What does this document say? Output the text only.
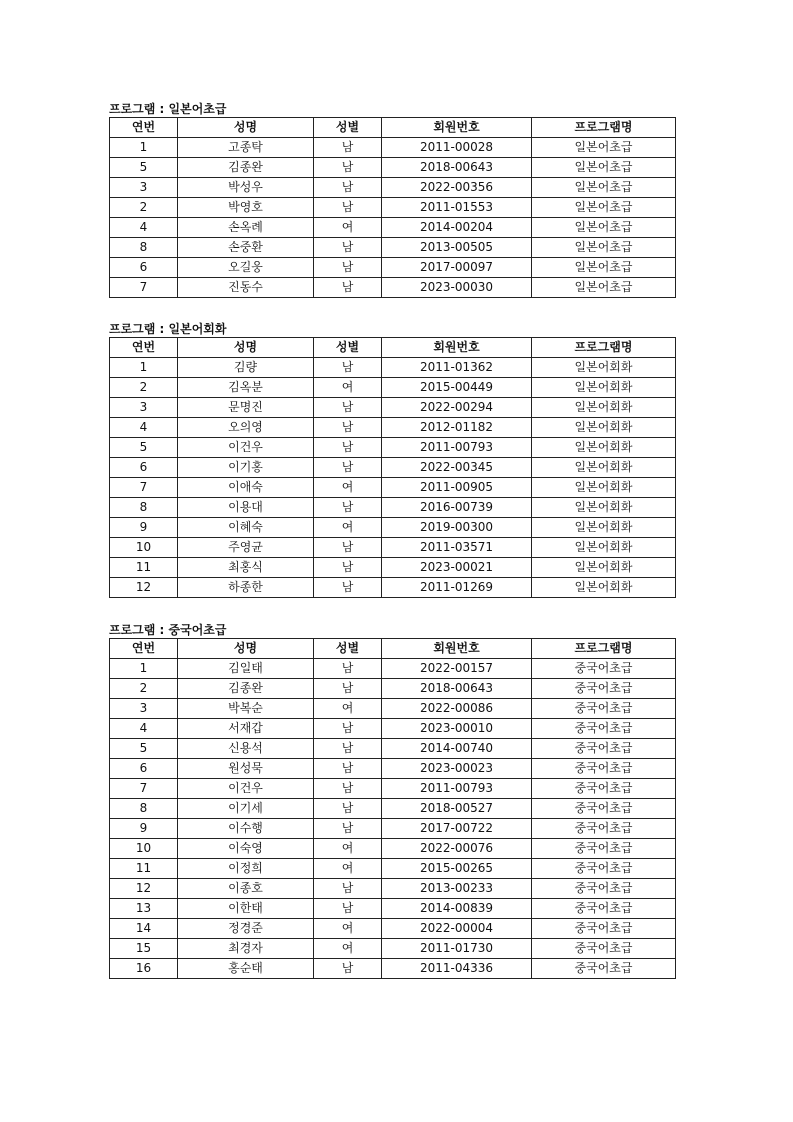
프로그램 : 일본어초급
연번	성명	성별	회원번호	프로그램명
1	고종탁	남	2011-00028	일본어초급
5	김종완	남	2018-00643	일본어초급
3	박성우	남	2022-00356	일본어초급
2	박영호	남	2011-01553	일본어초급
4	손옥례	여	2014-00204	일본어초급
8	손중환	남	2013-00505	일본어초급
6	오길웅	남	2017-00097	일본어초급
7	진동수	남	2023-00030	일본어초급
프로그램 : 일본어회화
연번	성명	성별	회원번호	프로그램명
1	김량	남	2011-01362	일본어회화
2	김옥분	여	2015-00449	일본어회화
3	문명진	남	2022-00294	일본어회화
4	오의영	남	2012-01182	일본어회화
5	이건우	남	2011-00793	일본어회화
6	이기홍	남	2022-00345	일본어회화
7	이애숙	여	2011-00905	일본어회화
8	이용대	남	2016-00739	일본어회화
9	이혜숙	여	2019-00300	일본어회화
10	주영균	남	2011-03571	일본어회화
11	최홍식	남	2023-00021	일본어회화
12	하종한	남	2011-01269	일본어회화
프로그램 : 중국어초급
연번	성명	성별	회원번호	프로그램명
1	김일태	남	2022-00157	중국어초급
2	김종완	남	2018-00643	중국어초급
3	박복순	여	2022-00086	중국어초급
4	서재갑	남	2023-00010	중국어초급
5	신용석	남	2014-00740	중국어초급
6	원성묵	남	2023-00023	중국어초급
7	이건우	남	2011-00793	중국어초급
8	이기세	남	2018-00527	중국어초급
9	이수행	남	2017-00722	중국어초급
10	이숙영	여	2022-00076	중국어초급
11	이정희	여	2015-00265	중국어초급
12	이종호	남	2013-00233	중국어초급
13	이한태	남	2014-00839	중국어초급
14	정경준	여	2022-00004	중국어초급
15	최경자	여	2011-01730	중국어초급
16	홍순태	남	2011-04336	중국어초급
